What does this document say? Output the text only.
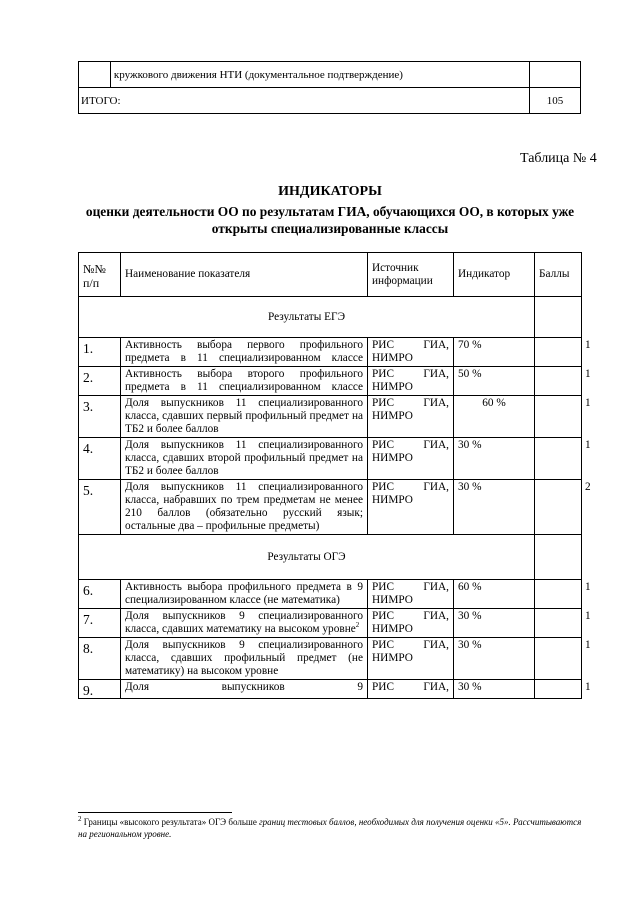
	кружкового движения НТИ (документальное подтверждение)	
ИТОГО:		105
Таблица № 4
ИНДИКАТОРЫ
оценки деятельности ОО по результатам ГИА, обучающихся ОО, в которых уже открыты специализированные классы
№№ п/п	Наименование показателя	Источник информации	Индикатор	Баллы
Результаты ЕГЭ				
1.	Активность выбора первого профильного предмета в 11 специализированном классе	РИС ГИА, НИМРО	70 %	1
2.	Активность выбора второго профильного предмета в 11 специализированном классе	РИС ГИА, НИМРО	50 %	1
3.	Доля выпускников 11 специализированного класса, сдавших первый профильный предмет на ТБ2 и более баллов	РИС ГИА, НИМРО	60 %	1
4.	Доля выпускников 11 специализированного класса, сдавших второй профильный предмет на ТБ2 и более баллов	РИС ГИА, НИМРО	30 %	1
5.	Доля выпускников 11 специализированного класса, набравших по трем предметам не менее 210 баллов (обязательно русский язык; остальные два – профильные предметы)	РИС ГИА, НИМРО	30 %	2
Результаты ОГЭ				
6.	Активность выбора профильного предмета в 9 специализированном классе (не математика)	РИС ГИА, НИМРО	60 %	1
7.	Доля выпускников 9 специализированного класса, сдавших математику на высоком уровне$^2$	РИС ГИА, НИМРО	30 %	1
8.	Доля выпускников 9 специализированного класса, сдавших профильный предмет (не математику) на высоком уровне	РИС ГИА, НИМРО	30 %	1
9.	Доля выпускников 9	РИС ГИА,	30 %	1
$^2$ Границы «высокого результата» ОГЭ больше границ тестовых баллов, необходимых для получения оценки «5». Рассчитываются на региональном уровне.
